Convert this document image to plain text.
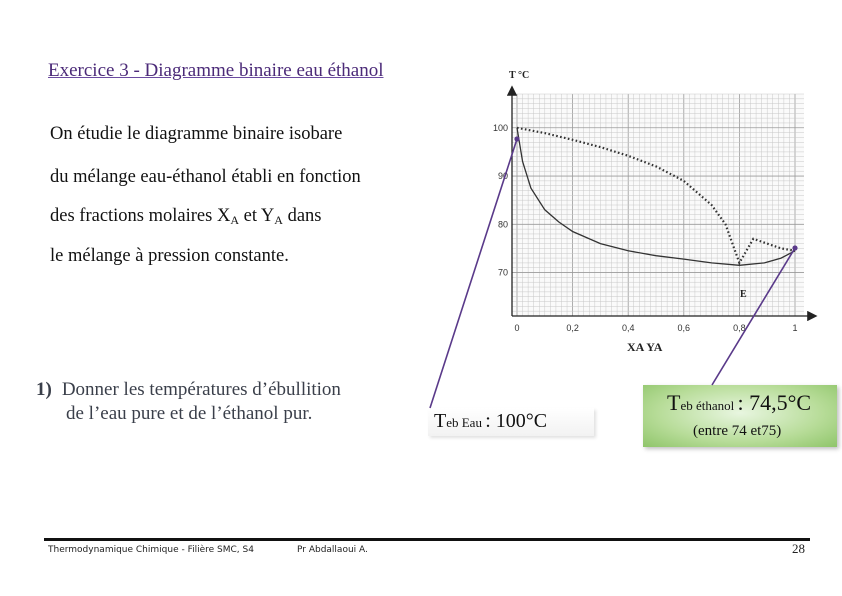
Exercice 3 - Diagramme binaire eau éthanol
On étudie le diagramme binaire isobare
du mélange eau-éthanol établi en fonction
des fractions molaires $X_A$ et $Y_A$ dans
le mélange à pression constante.
1) Donner les températures d’ébullition
de l’eau pure et de l’éthanol pur.	Teb Eau : 100°C
Teb éthanol : 74,5°C
(entre 74 et75)
T °C
0	0,2	0,4	0,6	0,8	1
70
80
90
100
XA YA
E
Thermodynamique Chimique - Filière SMC, S4	Pr Abdallaoui A.	28
